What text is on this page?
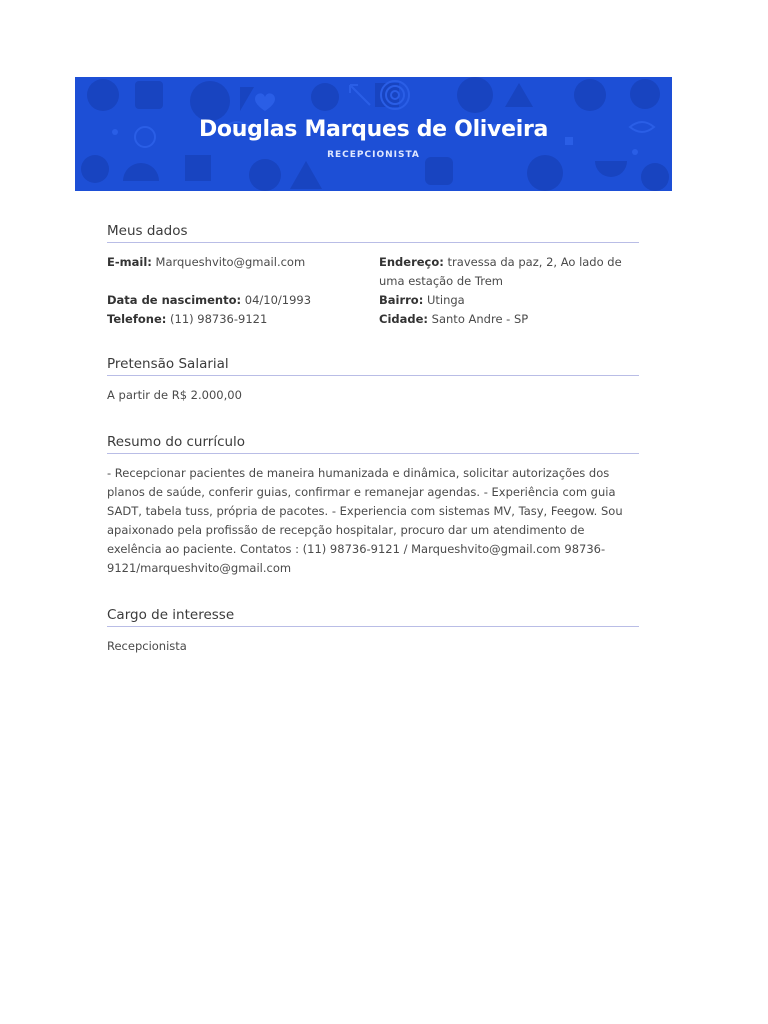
Douglas Marques de Oliveira
RECEPCIONISTA
Meus dados
E-mail: Marqueshvito@gmail.com
Data de nascimento: 04/10/1993
Telefone: (11) 98736-9121
Endereço: travessa da paz, 2, Ao lado de uma estação de Trem
Bairro: Utinga
Cidade: Santo Andre - SP
Pretensão Salarial
A partir de R$ 2.000,00
Resumo do currículo
- Recepcionar pacientes de maneira humanizada e dinâmica, solicitar autorizações dos planos de saúde, conferir guias, confirmar e remanejar agendas. - Experiência com guia SADT, tabela tuss, própria de pacotes. - Experiencia com sistemas MV, Tasy, Feegow. Sou apaixonado pela profissão de recepção hospitalar, procuro dar um atendimento de exelência ao paciente. Contatos : (11) 98736-9121 / Marqueshvito@gmail.com 98736-9121/marqueshvito@gmail.com
Cargo de interesse
Recepcionista
